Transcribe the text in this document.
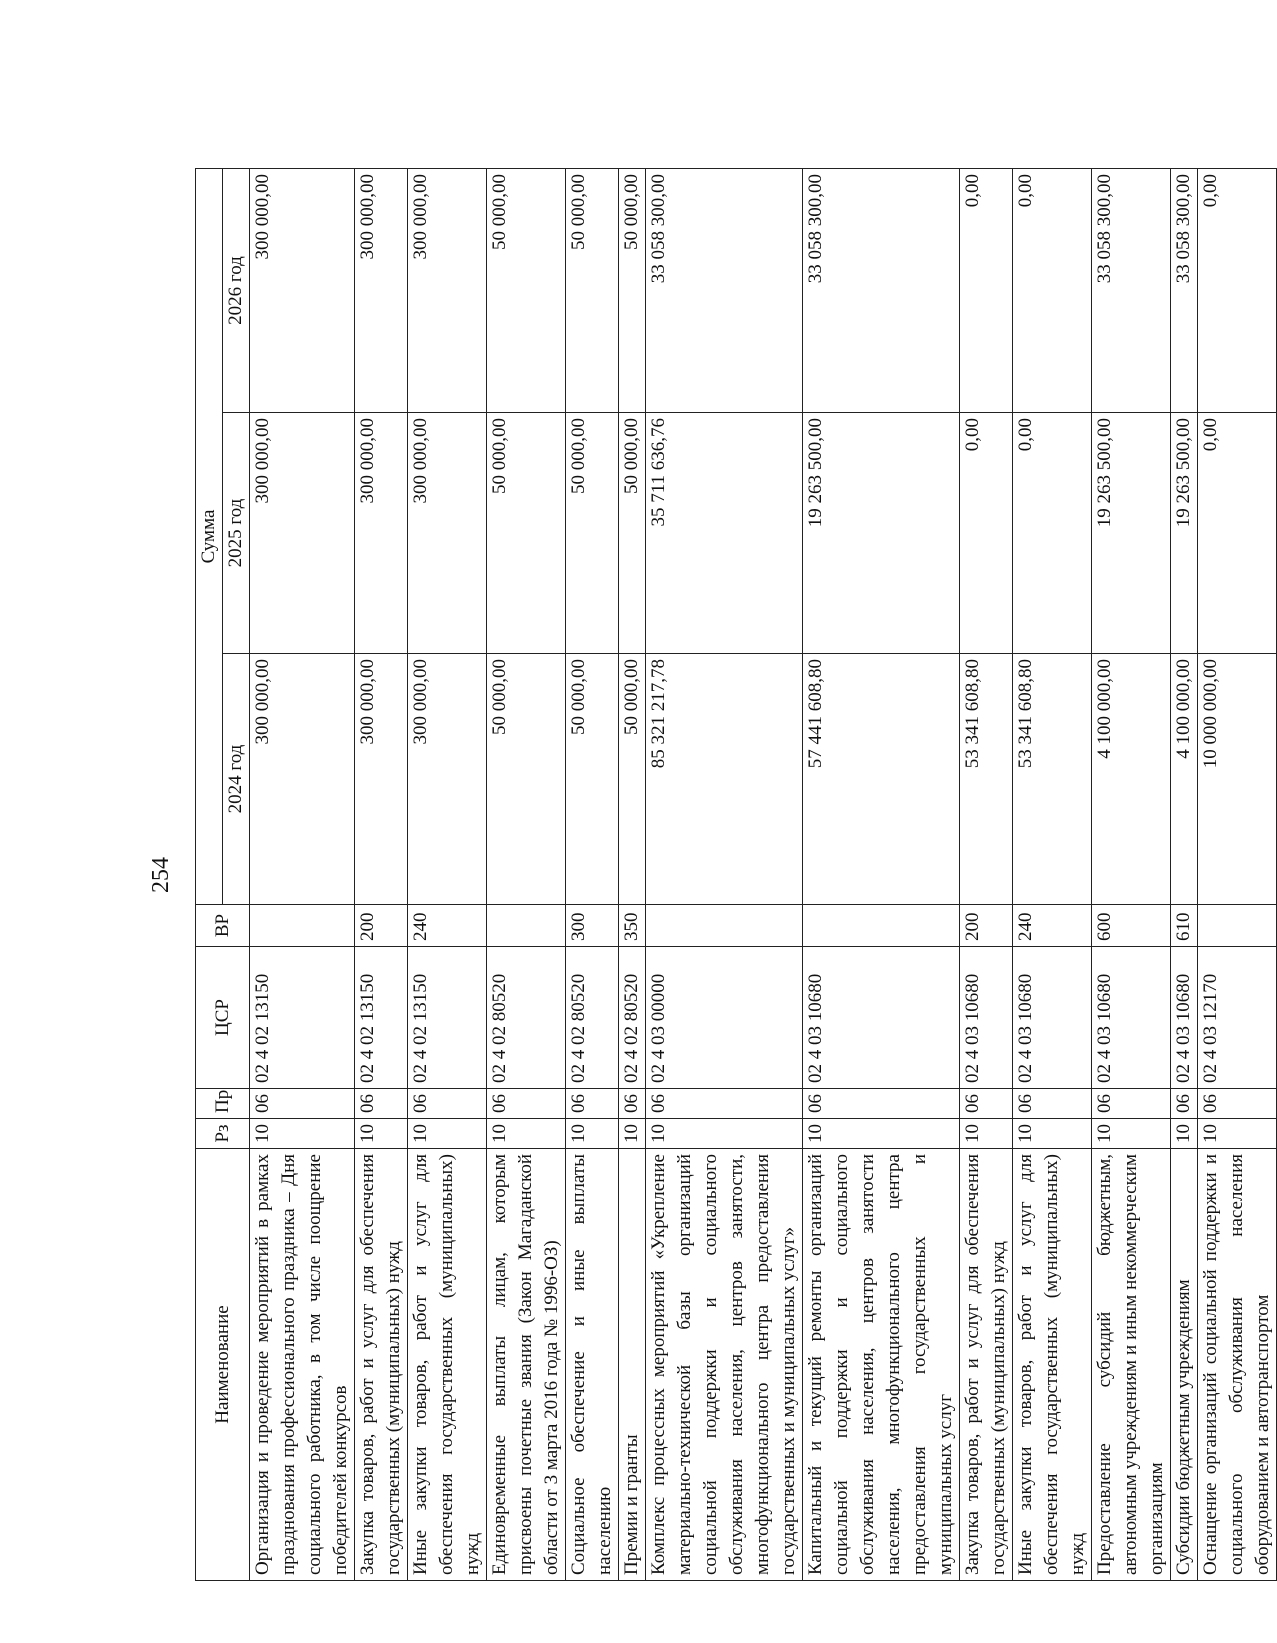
254
Наименование	Рз	Пр	ЦСР	ВР	Сумма		
					2024 год	2025 год	2026 год
Организация и проведение мероприятий в рамках празднования профессионального праздника – Дня социального работника, в том числе поощрение победителей конкурсов	10	06	02 4 02 13150		300 000,00	300 000,00	300 000,00
Закупка товаров, работ и услуг для обеспечения государственных (муниципальных) нужд	10	06	02 4 02 13150	200	300 000,00	300 000,00	300 000,00
Иные закупки товаров, работ и услуг для обеспечения государственных (муниципальных) нужд	10	06	02 4 02 13150	240	300 000,00	300 000,00	300 000,00
Единовременные выплаты лицам, которым присвоены почетные звания (Закон Магаданской области от 3 марта 2016 года № 1996-ОЗ)	10	06	02 4 02 80520		50 000,00	50 000,00	50 000,00
Социальное обеспечение и иные выплаты населению	10	06	02 4 02 80520	300	50 000,00	50 000,00	50 000,00
Премии и гранты	10	06	02 4 02 80520	350	50 000,00	50 000,00	50 000,00
Комплекс процессных мероприятий «Укрепление материально-технической базы организаций социальной поддержки и социального обслуживания населения, центров занятости, многофункционального центра предоставления государственных и муниципальных услуг»	10	06	02 4 03 00000		85 321 217,78	35 711 636,76	33 058 300,00
Капитальный и текущий ремонты организаций социальной поддержки и социального обслуживания населения, центров занятости населения, многофункционального центра предоставления государственных и муниципальных услуг	10	06	02 4 03 10680		57 441 608,80	19 263 500,00	33 058 300,00
Закупка товаров, работ и услуг для обеспечения государственных (муниципальных) нужд	10	06	02 4 03 10680	200	53 341 608,80	0,00	0,00
Иные закупки товаров, работ и услуг для обеспечения государственных (муниципальных) нужд	10	06	02 4 03 10680	240	53 341 608,80	0,00	0,00
Предоставление субсидий бюджетным, автономным учреждениям и иным некоммерческим организациям	10	06	02 4 03 10680	600	4 100 000,00	19 263 500,00	33 058 300,00
Субсидии бюджетным учреждениям	10	06	02 4 03 10680	610	4 100 000,00	19 263 500,00	33 058 300,00
Оснащение организаций социальной поддержки и социального обслуживания населения оборудованием и автотранспортом	10	06	02 4 03 12170		10 000 000,00	0,00	0,00
